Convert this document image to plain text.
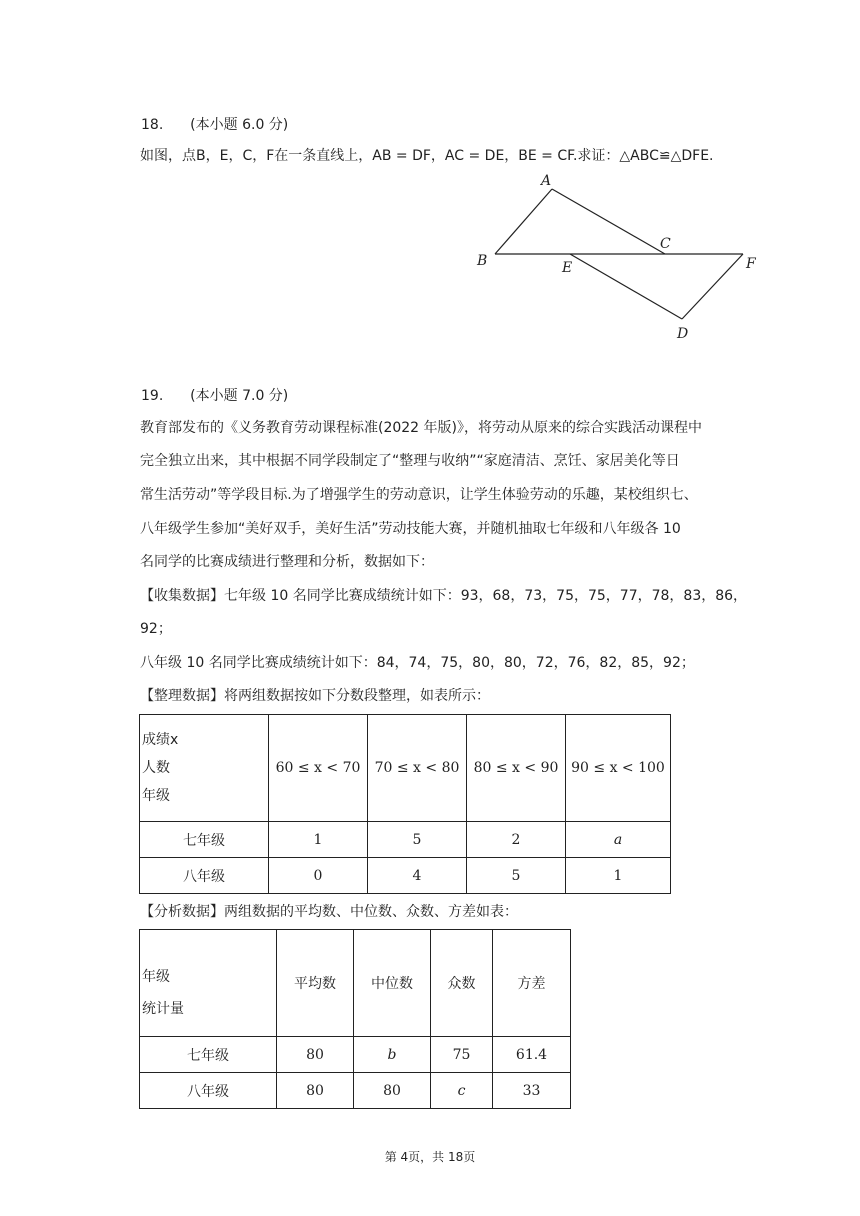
18. (本小题 6.0 分)
如图，点B，E，C，F在一条直线上，AB = DF，AC = DE，BE = CF.求证：△ABC≌△DFE.
A
B
C
E	F
D
19. (本小题 7.0 分)
教育部发布的《义务教育劳动课程标准(2022 年版)》，将劳动从原来的综合实践活动课程中
完全独立出来，其中根据不同学段制定了“整理与收纳”“家庭清洁、烹饪、家居美化等日
常生活劳动”等学段目标.为了增强学生的劳动意识，让学生体验劳动的乐趣，某校组织七、
八年级学生参加“美好双手，美好生活”劳动技能大赛，并随机抽取七年级和八年级各 10
名同学的比赛成绩进行整理和分析，数据如下：
【收集数据】七年级 10 名同学比赛成绩统计如下：93，68，73，75，75，77，78，83，86，
92；
八年级 10 名同学比赛成绩统计如下：84，74，75，80，80，72，76，82，85，92；
【整理数据】将两组数据按如下分数段整理，如表所示：
成绩x
人数
年级	60 ≤ x < 70	70 ≤ x < 80	80 ≤ x < 90	90 ≤ x < 100
七年级	1	5	2	a
八年级	0	4	5	1
【分析数据】两组数据的平均数、中位数、众数、方差如表：
年级
统计量	平均数	中位数	众数	方差
七年级	80	b	75	61.4
八年级	80	80	c	33
第 4页，共 18页
